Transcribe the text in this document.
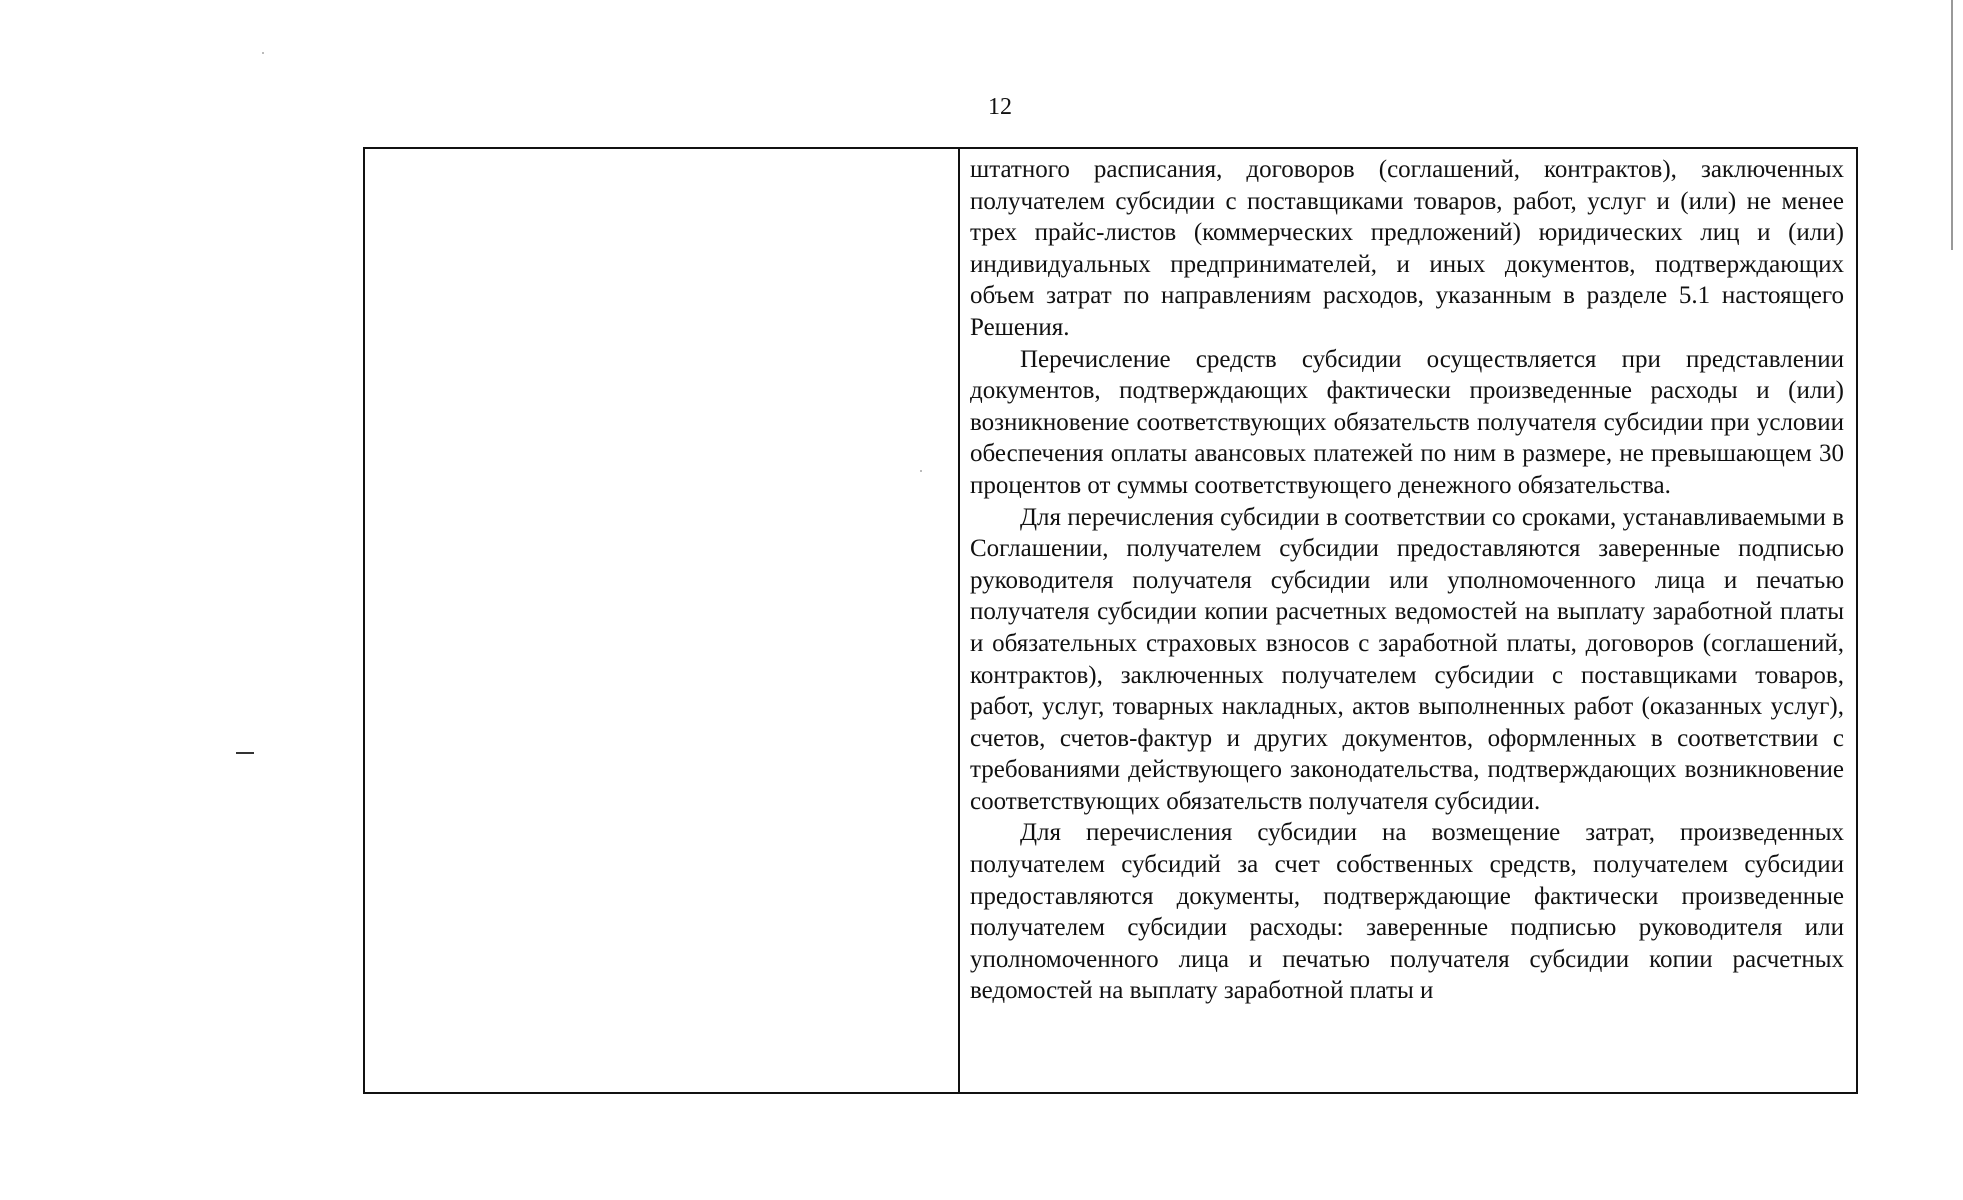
12

штатного расписания, договоров (соглашений, контрактов), заключенных получателем субсидии с поставщиками товаров, работ, услуг и (или) не менее трех прайс-листов (коммерческих предложений) юридических лиц и (или) индивидуальных предпринимателей, и иных документов, подтверждающих объем затрат по направлениям расходов, указанным в разделе 5.1 настоящего Решения.

Перечисление средств субсидии осуществляется при представлении документов, подтверждающих фактически произведенные расходы и (или) возникновение соответствующих обязательств получателя субсидии при условии обеспечения оплаты авансовых платежей по ним в размере, не превышающем 30 процентов от суммы соответствующего денежного обязательства.

Для перечисления субсидии в соответствии со сроками, устанавливаемыми в Соглашении, получателем субсидии предоставляются заверенные подписью руководителя получателя субсидии или уполномоченного лица и печатью получателя субсидии копии расчетных ведомостей на выплату заработной платы и обязательных страховых взносов с заработной платы, договоров (соглашений, контрактов), заключенных получателем субсидии с поставщиками товаров, работ, услуг, товарных накладных, актов выполненных работ (оказанных услуг), счетов, счетов-фактур и других документов, оформленных в соответствии с требованиями действующего законодательства, подтверждающих возникновение соответствующих обязательств получателя субсидии.

Для перечисления субсидии на возмещение затрат, произведенных получателем субсидий за счет собственных средств, получателем субсидии предоставляются документы, подтверждающие фактически произведенные получателем субсидии расходы: заверенные подписью руководителя или уполномоченного лица и печатью получателя субсидии копии расчетных ведомостей на выплату заработной платы и
